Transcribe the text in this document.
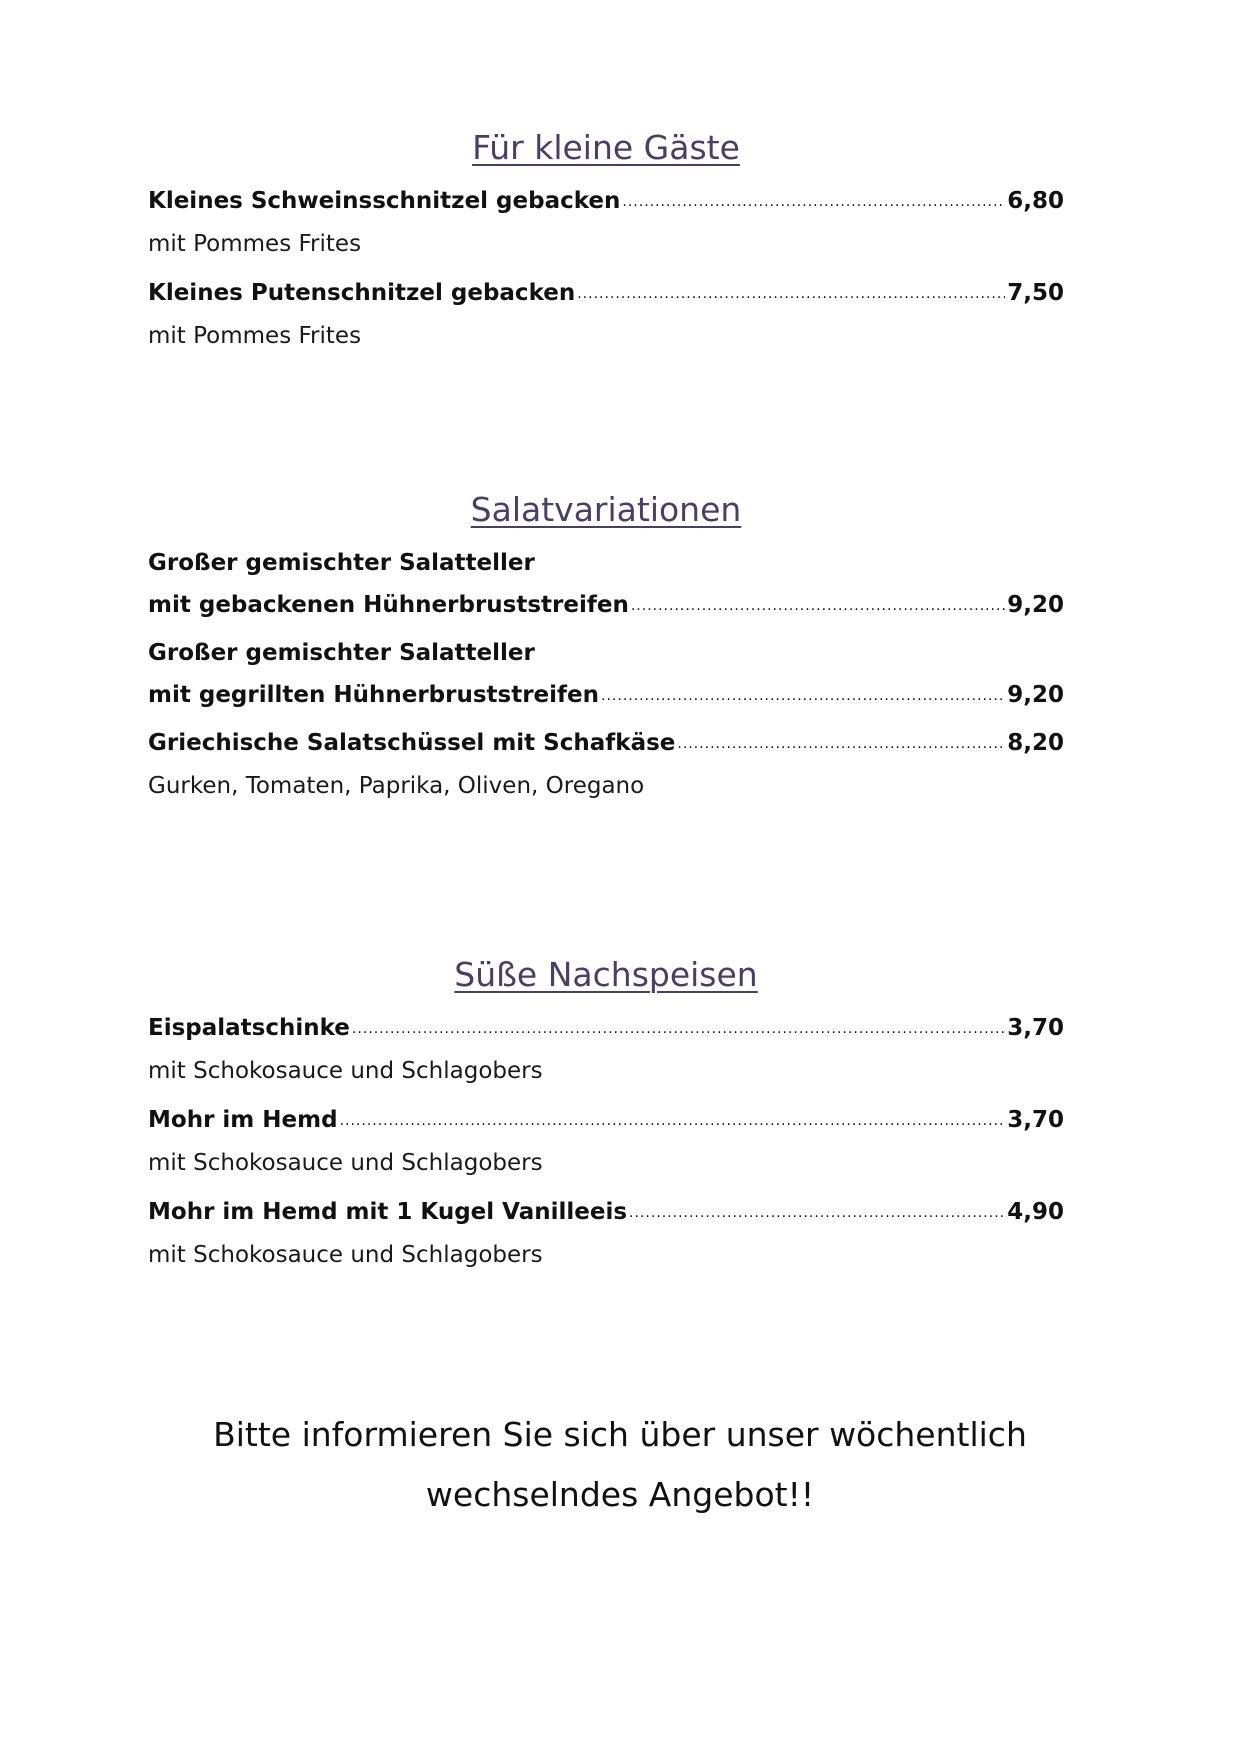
Für kleine Gäste
Kleines Schweinsschnitzel gebacken .....	6,80
mit Pommes Frites
Kleines Putenschnitzel gebacken .....	7,50
mit Pommes Frites
Salatvariationen
Großer gemischter Salatteller
mit gebackenen Hühnerbruststreifen .....	9,20
Großer gemischter Salatteller
mit gegrillten Hühnerbruststreifen .....	9,20
Griechische Salatschüssel mit Schafkäse .....	8,20
Gurken, Tomaten, Paprika, Oliven, Oregano
Süße Nachspeisen
Eispalatschinke .....	3,70
mit Schokosauce und Schlagobers
Mohr im Hemd .....	3,70
mit Schokosauce und Schlagobers
Mohr im Hemd mit 1 Kugel Vanilleeis .....	4,90
mit Schokosauce und Schlagobers
Bitte informieren Sie sich über unser wöchentlich
wechselndes Angebot!!
